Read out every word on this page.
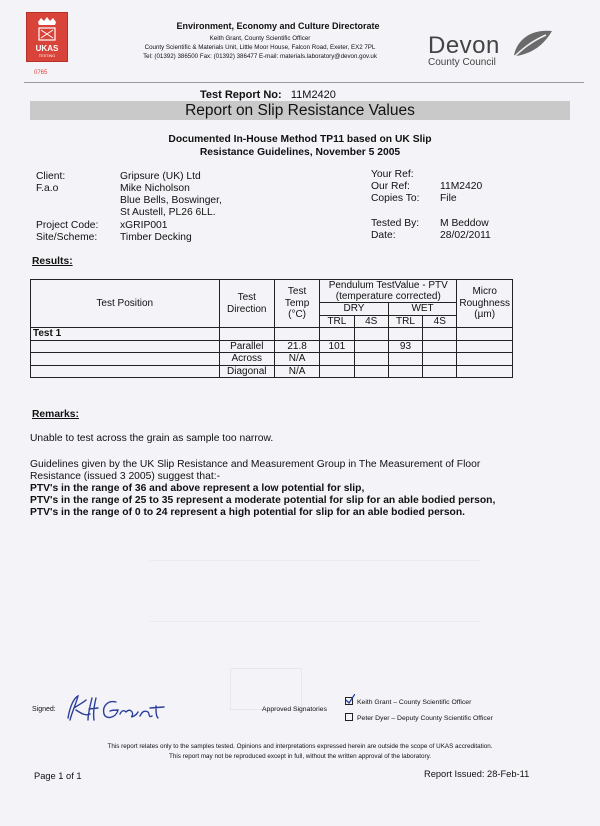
UKAS
TESTING
0765
Environment, Economy and Culture Directorate
Keith Grant, County Scientific Officer
County Scientific & Materials Unit, Little Moor House, Falcon Road, Exeter, EX2 7PL
Tel: (01392) 386500 Fax: (01392) 386477 E-mail: materials.laboratory@devon.gov.uk	Devon
County Council
Test Report No: 11M2420
Report on Slip Resistance Values
Documented In-House Method TP11 based on UK Slip
Resistance Guidelines, November 5 2005
Client:	Gripsure (UK) Ltd
F.a.o	Mike Nicholson
Blue Bells, Boswinger,
St Austell, PL26 6LL.
Project Code: xGRIP001
Site/Scheme: Timber Decking
Your Ref:
Our Ref:	11M2420
Copies To: File
Tested By: M Beddow
Date:	28/02/2011
Results:
Test Position	Test Direction	Test Temp (°C)	Pendulum TestValue - PTV (temperature corrected)				Micro Roughness (µm)
			DRY		WET		
			TRL	4S	TRL	4S	
Test 1							
	Parallel	21.8	101		93		
	Across	N/A					
	Diagonal	N/A					
Remarks:
Unable to test across the grain as sample too narrow.
Guidelines given by the UK Slip Resistance and Measurement Group in The Measurement of Floor
Resistance (issued 3 2005) suggest that:-
PTV's in the range of 36 and above represent a low potential for slip,
PTV's in the range of 25 to 35 represent a moderate potential for slip for an able bodied person,
PTV's in the range of 0 to 24 represent a high potential for slip for an able bodied person.
Signed:	Approved Signatories
Keith Grant – County Scientific Officer
Peter Dyer – Deputy County Scientific Officer
This report relates only to the samples tested. Opinions and interpretations expressed herein are outside the scope of UKAS accreditation.
This report may not be reproduced except in full, without the written approval of the laboratory.
Page 1 of 1	Report Issued: 28-Feb-11
